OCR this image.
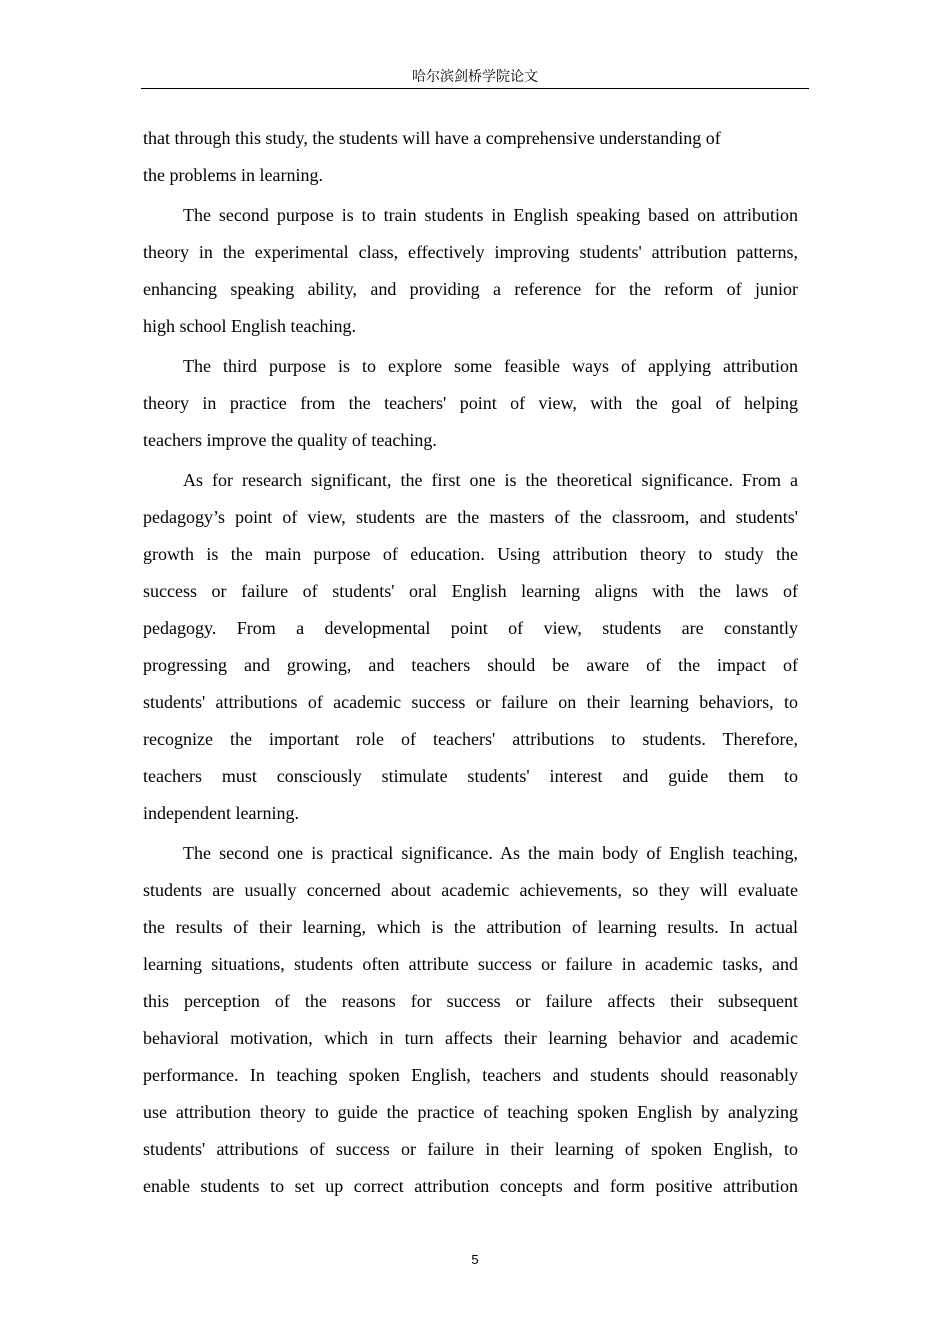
哈尔滨剑桥学院论文
that through this study, the students will have a comprehensive understanding of
the problems in learning.
The second purpose is to train students in English speaking based on attribution
theory in the experimental class, effectively improving students' attribution patterns,
enhancing speaking ability, and providing a reference for the reform of junior
high school English teaching.
The third purpose is to explore some feasible ways of applying attribution
theory in practice from the teachers' point of view, with the goal of helping
teachers improve the quality of teaching.
As for research significant, the first one is the theoretical significance. From a
pedagogy’s point of view, students are the masters of the classroom, and students'
growth is the main purpose of education. Using attribution theory to study the
success or failure of students' oral English learning aligns with the laws of
pedagogy. From a developmental point of view, students are constantly
progressing and growing, and teachers should be aware of the impact of
students' attributions of academic success or failure on their learning behaviors, to
recognize the important role of teachers' attributions to students. Therefore,
teachers must consciously stimulate students' interest and guide them to
independent learning.
The second one is practical significance. As the main body of English teaching,
students are usually concerned about academic achievements, so they will evaluate
the results of their learning, which is the attribution of learning results. In actual
learning situations, students often attribute success or failure in academic tasks, and
this perception of the reasons for success or failure affects their subsequent
behavioral motivation, which in turn affects their learning behavior and academic
performance. In teaching spoken English, teachers and students should reasonably
use attribution theory to guide the practice of teaching spoken English by analyzing
students' attributions of success or failure in their learning of spoken English, to
enable students to set up correct attribution concepts and form positive attribution
5
